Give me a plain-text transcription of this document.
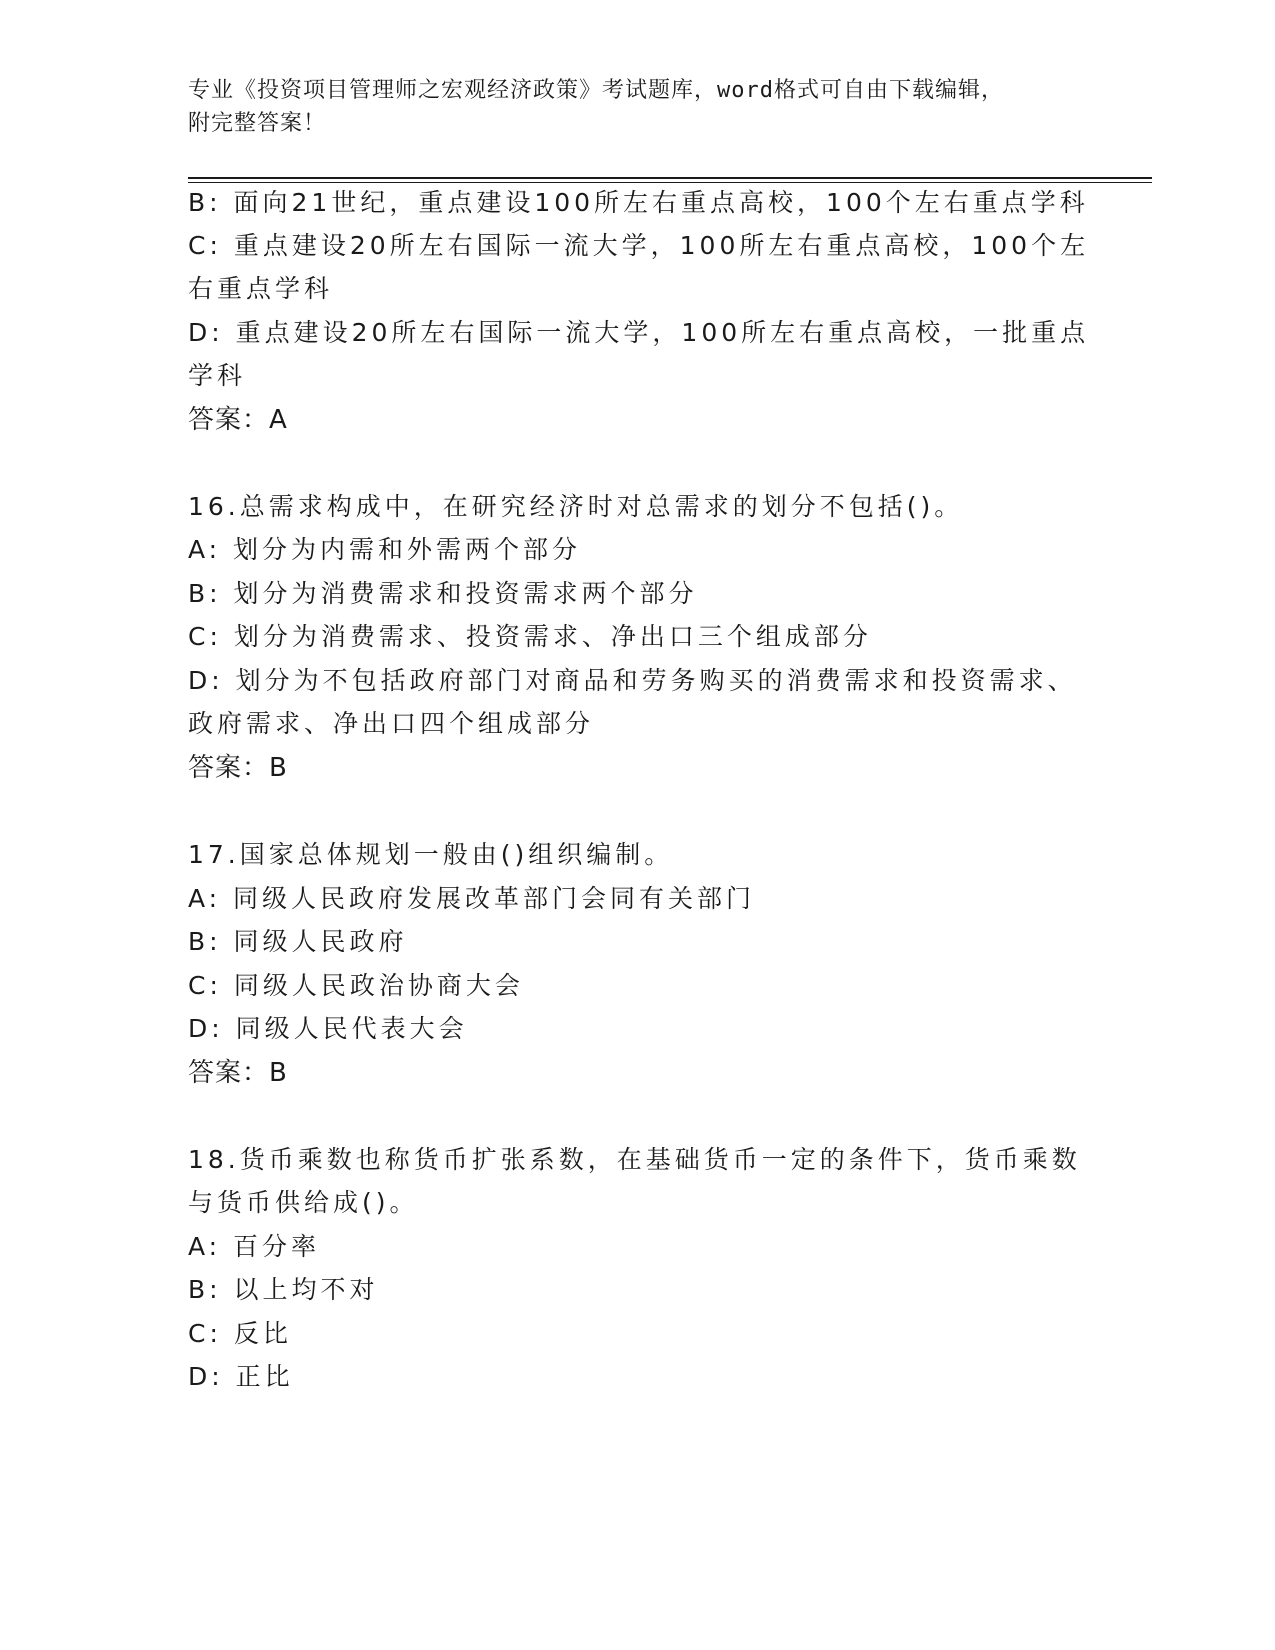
专业《投资项目管理师之宏观经济政策》考试题库，word格式可自由下载编辑，
附完整答案！
B: 面向21世纪，重点建设100所左右重点高校，100个左右重点学科
C: 重点建设20所左右国际一流大学，100所左右重点高校，100个左
右重点学科
D: 重点建设20所左右国际一流大学，100所左右重点高校，一批重点
学科
答案：A
16.总需求构成中，在研究经济时对总需求的划分不包括()。
A: 划分为内需和外需两个部分
B: 划分为消费需求和投资需求两个部分
C: 划分为消费需求、投资需求、净出口三个组成部分
D: 划分为不包括政府部门对商品和劳务购买的消费需求和投资需求、
政府需求、净出口四个组成部分
答案：B
17.国家总体规划一般由()组织编制。
A: 同级人民政府发展改革部门会同有关部门
B: 同级人民政府
C: 同级人民政治协商大会
D: 同级人民代表大会
答案：B
18.货币乘数也称货币扩张系数，在基础货币一定的条件下，货币乘数
与货币供给成()。
A: 百分率
B: 以上均不对
C: 反比
D: 正比
